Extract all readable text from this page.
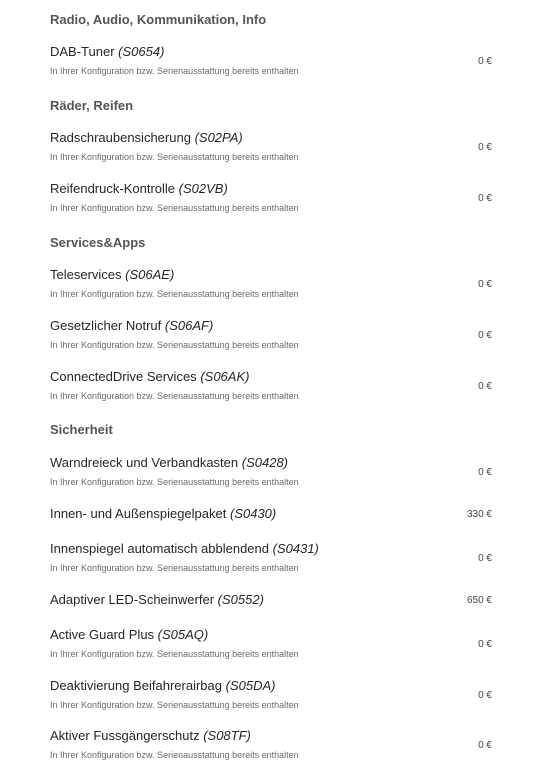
Radio, Audio, Kommunikation, Info
DAB-Tuner (S0654)
In Ihrer Konfiguration bzw. Serienausstattung bereits enthalten
0 €
Räder, Reifen
Radschraubensicherung (S02PA)
In Ihrer Konfiguration bzw. Serienausstattung bereits enthalten
0 €
Reifendruck-Kontrolle (S02VB)
In Ihrer Konfiguration bzw. Serienausstattung bereits enthalten
0 €
Services&Apps
Teleservices (S06AE)
In Ihrer Konfiguration bzw. Serienausstattung bereits enthalten
0 €
Gesetzlicher Notruf (S06AF)
In Ihrer Konfiguration bzw. Serienausstattung bereits enthalten
0 €
ConnectedDrive Services (S06AK)
In Ihrer Konfiguration bzw. Serienausstattung bereits enthalten
0 €
Sicherheit
Warndreieck und Verbandkasten (S0428)
In Ihrer Konfiguration bzw. Serienausstattung bereits enthalten
0 €
Innen- und Außenspiegelpaket (S0430)	330 €
Innenspiegel automatisch abblendend (S0431)
In Ihrer Konfiguration bzw. Serienausstattung bereits enthalten
0 €
Adaptiver LED-Scheinwerfer (S0552)	650 €
Active Guard Plus (S05AQ)
In Ihrer Konfiguration bzw. Serienausstattung bereits enthalten
0 €
Deaktivierung Beifahrerairbag (S05DA)
In Ihrer Konfiguration bzw. Serienausstattung bereits enthalten
0 €
Aktiver Fussgängerschutz (S08TF)
In Ihrer Konfiguration bzw. Serienausstattung bereits enthalten
0 €
